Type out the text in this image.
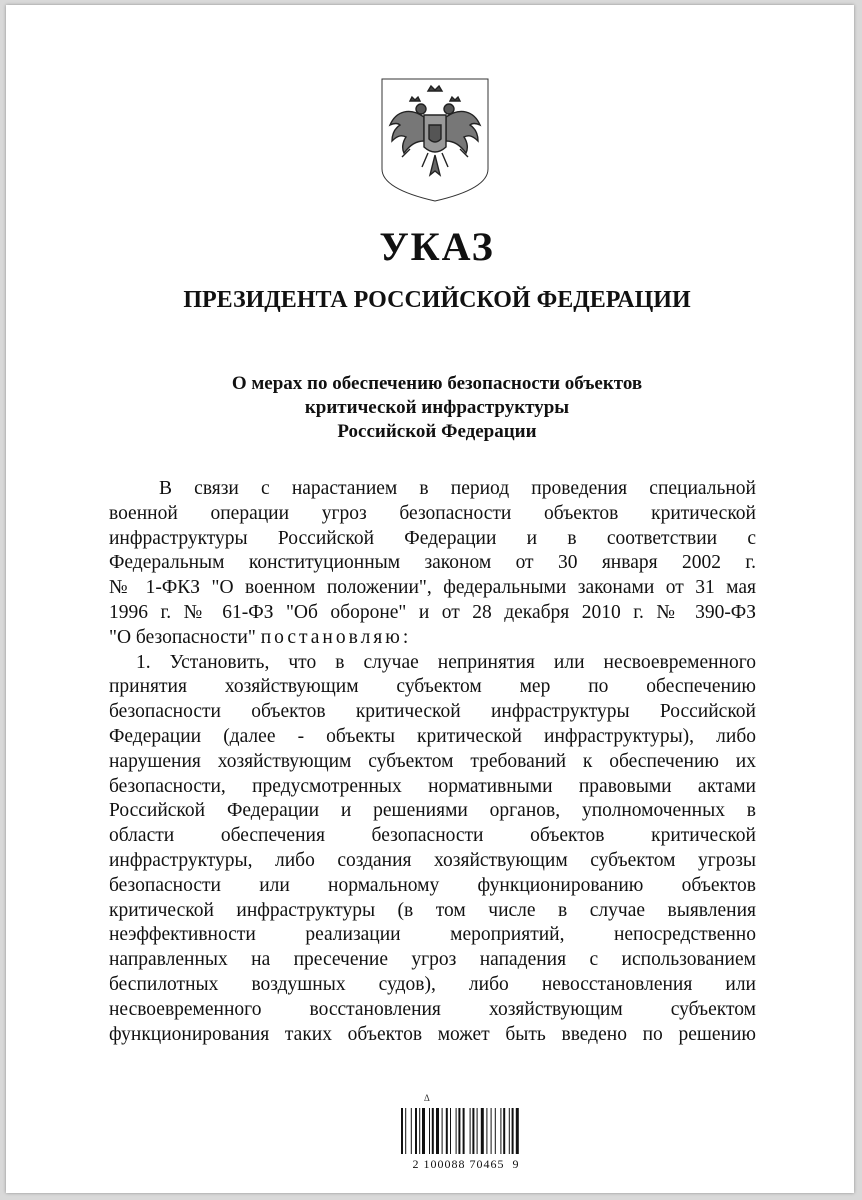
УКАЗ
ПРЕЗИДЕНТА РОССИЙСКОЙ ФЕДЕРАЦИИ
О мерах по обеспечению безопасности объектов
критической инфраструктуры
Российской Федерации
В связи с нарастанием в период проведения специальной
военной операции угроз безопасности объектов критической
инфраструктуры Российской Федерации и в соответствии с
Федеральным конституционным законом от 30 января 2002 г.
№ 1-ФКЗ "О военном положении", федеральными законами от 31 мая
1996 г. № 61-ФЗ "Об обороне" и от 28 декабря 2010 г. № 390-ФЗ
"О безопасности" постановляю:
1. Установить, что в случае непринятия или несвоевременного
принятия хозяйствующим субъектом мер по обеспечению
безопасности объектов критической инфраструктуры Российской
Федерации (далее - объекты критической инфраструктуры), либо
нарушения хозяйствующим субъектом требований к обеспечению их
безопасности, предусмотренных нормативными правовыми актами
Российской Федерации и решениями органов, уполномоченных в
области обеспечения безопасности объектов критической
инфраструктуры, либо создания хозяйствующим субъектом угрозы
безопасности или нормальному функционированию объектов
критической инфраструктуры (в том числе в случае выявления
неэффективности реализации мероприятий, непосредственно
направленных на пресечение угроз нападения с использованием
беспилотных воздушных судов), либо невосстановления или
несвоевременного восстановления хозяйствующим субъектом
функционирования таких объектов может быть введено по решению
Δ
2 100088 70465  9
